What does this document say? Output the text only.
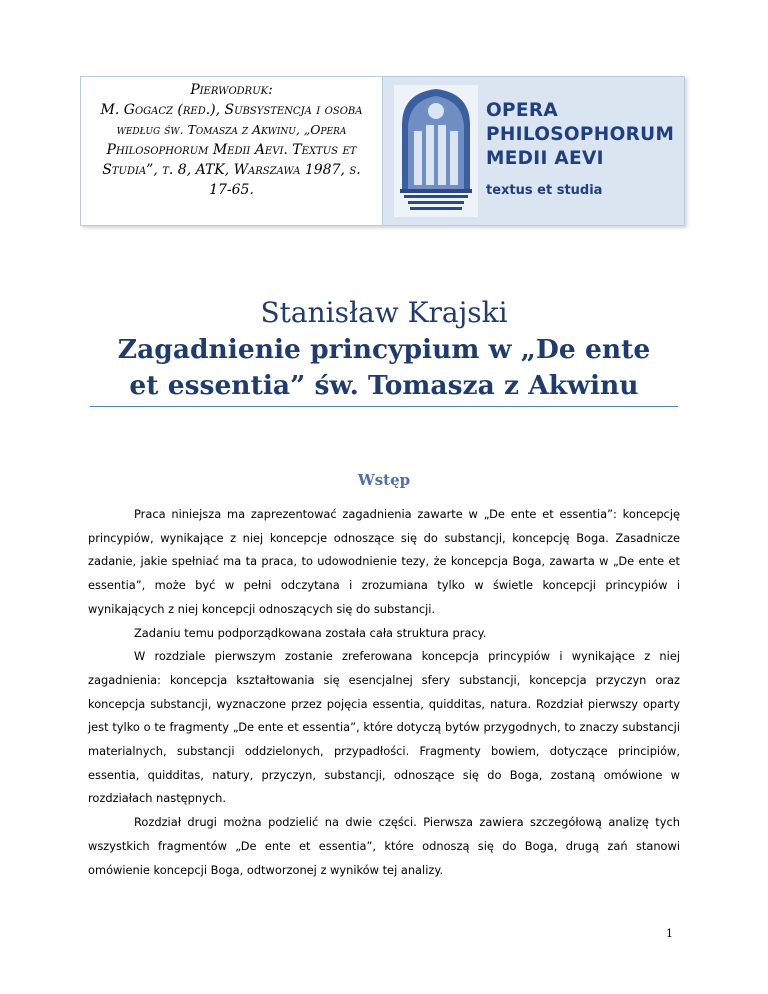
Pierwodruk:
M. Gogacz (red.), Subsystencja i osoba
według św. Tomasza z Akwinu, „Opera
Philosophorum Medii Aevi. Textus et
Studia”, t. 8, ATK, Warszawa 1987, s.
17-65.
OPERA
PHILOSOPHORUM
MEDII AEVI
textus et studia
Stanisław Krajski
Zagadnienie princypium w „De ente
et essentia” św. Tomasza z Akwinu
Wstęp

Praca niniejsza ma zaprezentować zagadnienia zawarte w „De ente et essentia”: koncepcję princypiów, wynikające z niej koncepcje odnoszące się do substancji, koncepcję Boga. Zasadnicze zadanie, jakie spełniać ma ta praca, to udowodnienie tezy, że koncepcja Boga, zawarta w „De ente et essentia”, może być w pełni odczytana i zrozumiana tylko w świetle koncepcji princypiów i wynikających z niej koncepcji odnoszących się do substancji.

Zadaniu temu podporządkowana została cała struktura pracy.

W rozdziale pierwszym zostanie zreferowana koncepcja princypiów i wynikające z niej zagadnienia: koncepcja kształtowania się esencjalnej sfery substancji, koncepcja przyczyn oraz koncepcja substancji, wyznaczone przez pojęcia essentia, quidditas, natura. Rozdział pierwszy oparty jest tylko o te fragmenty „De ente et essentia”, które dotyczą bytów przygodnych, to znaczy substancji materialnych, substancji oddzielonych, przypadłości. Fragmenty bowiem, dotyczące principiów, essentia, quidditas, natury, przyczyn, substancji, odnoszące się do Boga, zostaną omówione w rozdziałach następnych.

Rozdział drugi można podzielić na dwie części. Pierwsza zawiera szczegółową analizę tych wszystkich fragmentów „De ente et essentia”, które odnoszą się do Boga, drugą zań stanowi omówienie koncepcji Boga, odtworzonej z wyników tej analizy.

1
